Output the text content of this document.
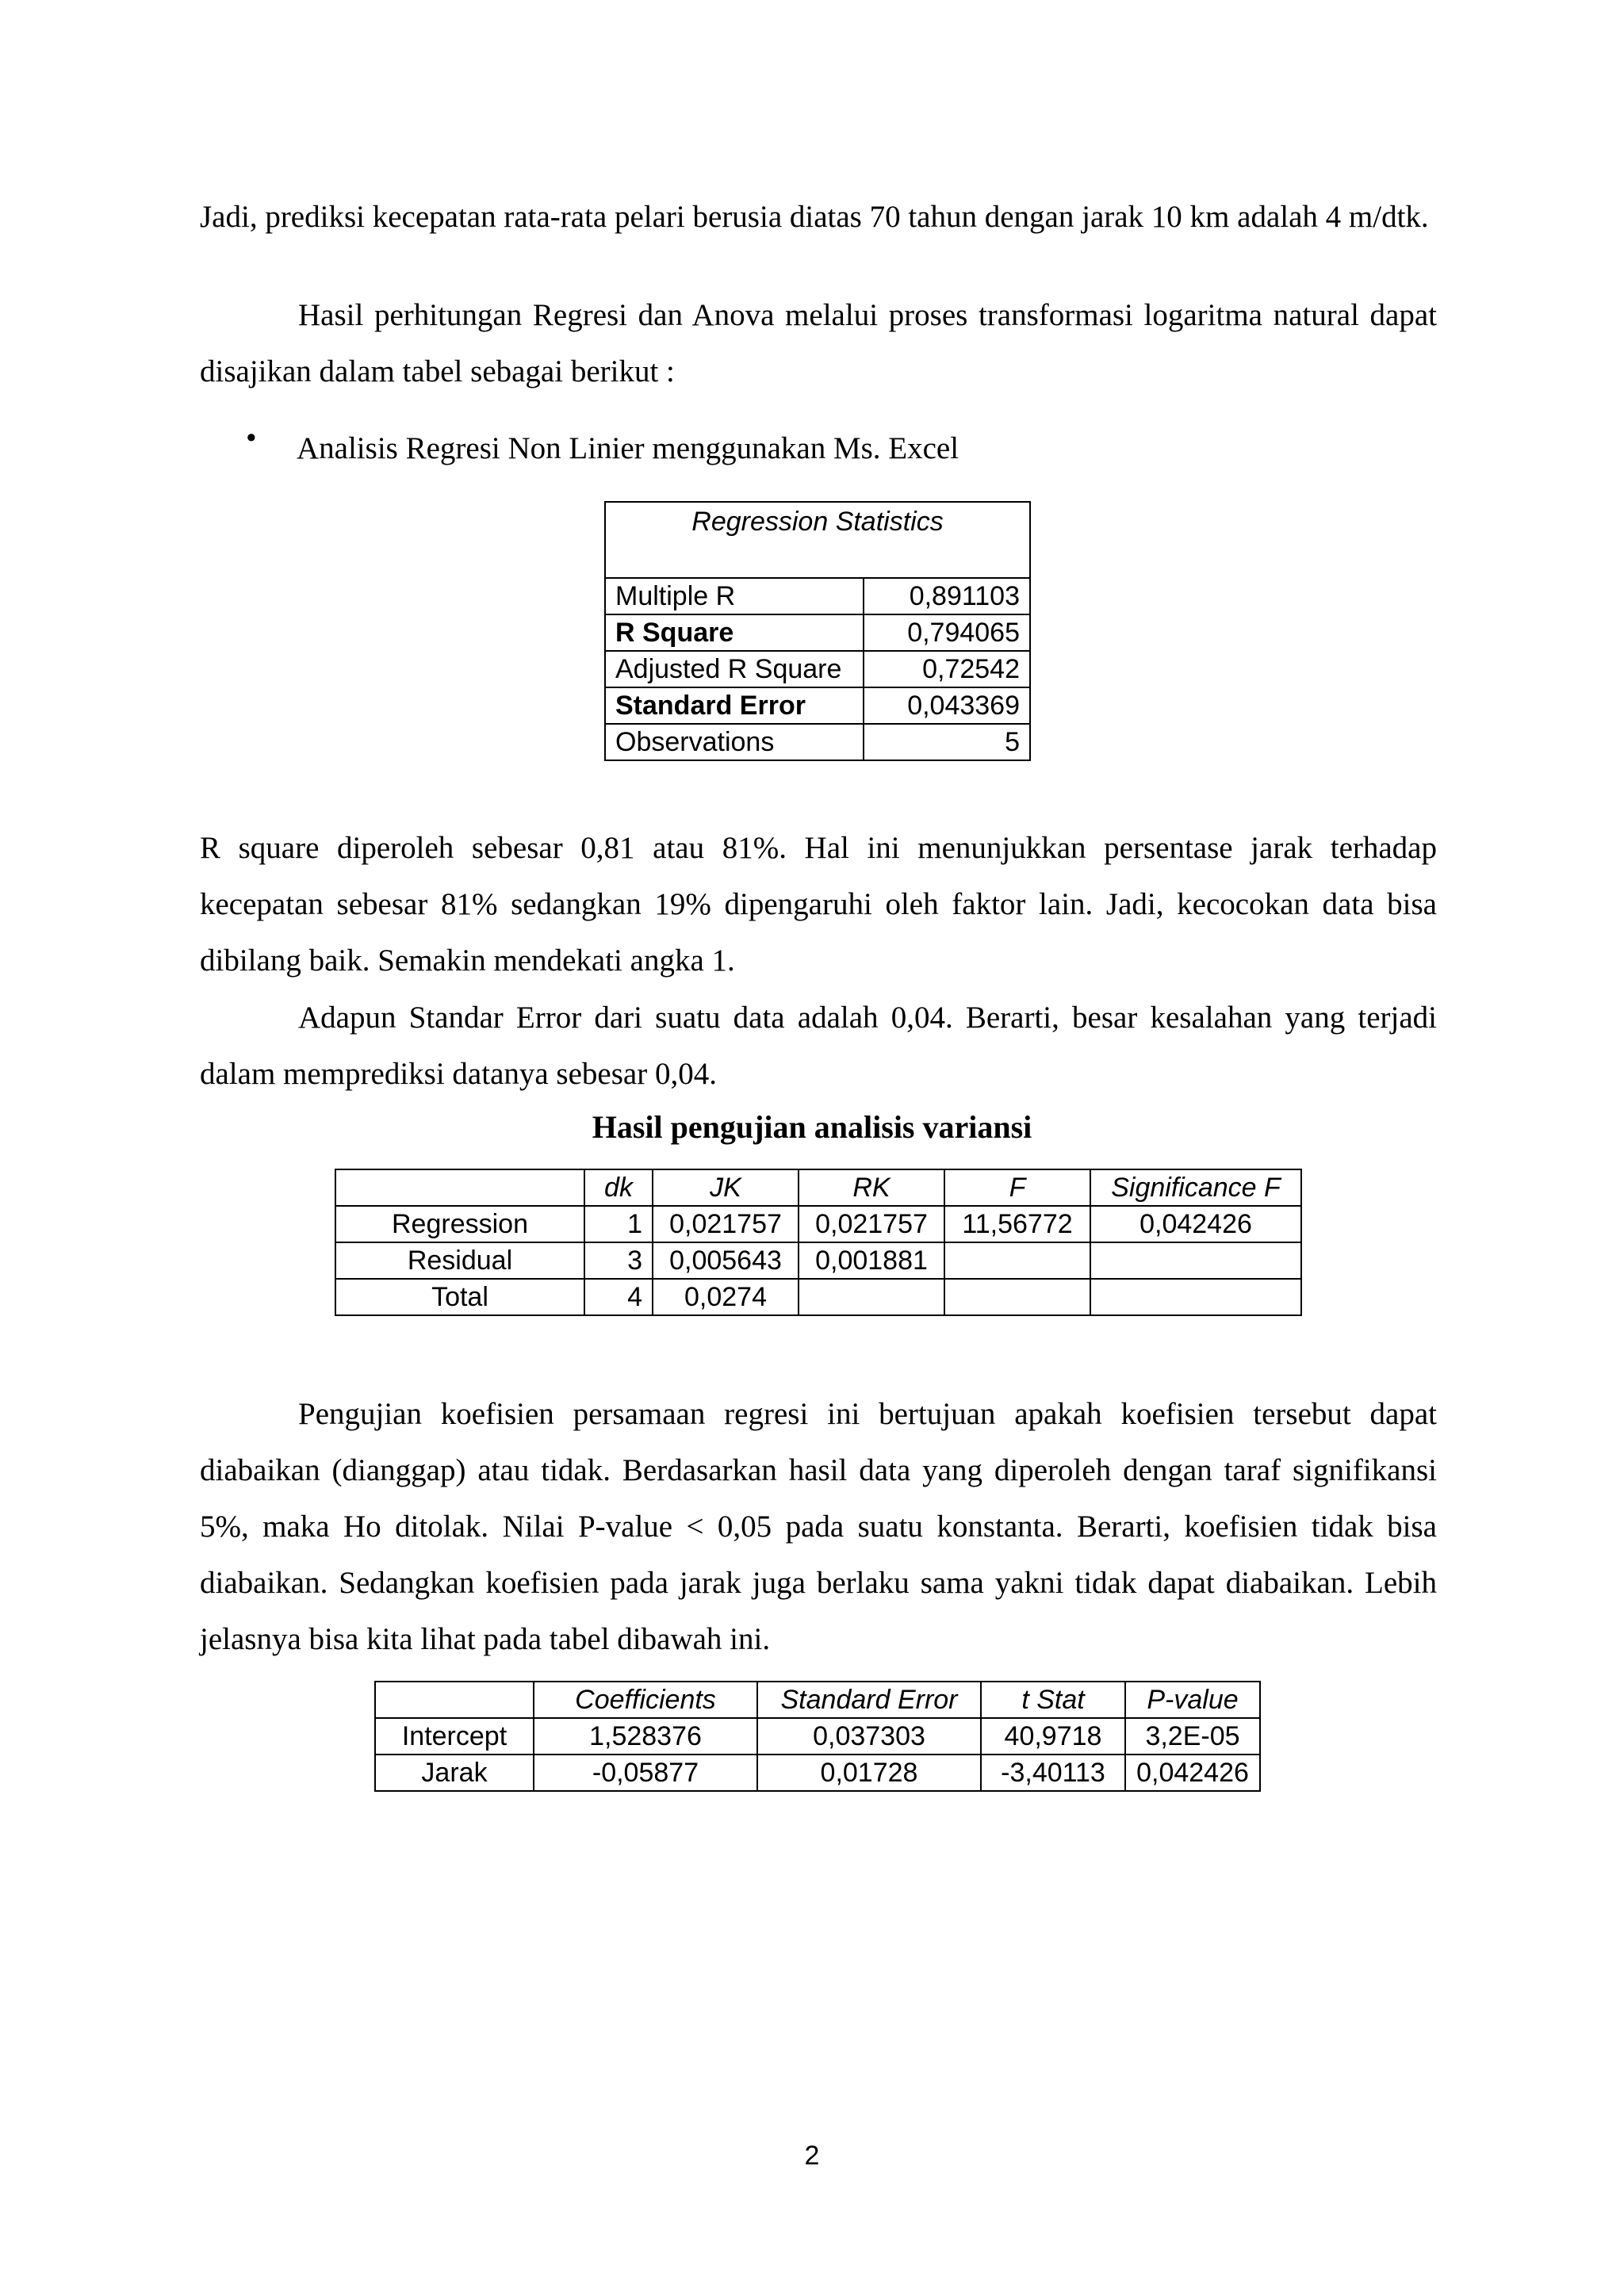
Jadi, prediksi kecepatan rata-rata pelari berusia diatas 70 tahun dengan jarak 10 km adalah 4 m/dtk.

Hasil perhitungan Regresi dan Anova melalui proses transformasi logaritma natural dapat disajikan dalam tabel sebagai berikut :

• Analisis Regresi Non Linier menggunakan Ms. Excel
Regression Statistics	
Multiple R	0,891103
R Square	0,794065
Adjusted R Square	0,72542
Standard Error	0,043369
Observations	5

R square diperoleh sebesar 0,81 atau 81%. Hal ini menunjukkan persentase jarak terhadap kecepatan sebesar 81% sedangkan 19% dipengaruhi oleh faktor lain. Jadi, kecocokan data bisa dibilang baik. Semakin mendekati angka 1.

Adapun Standar Error dari suatu data adalah 0,04. Berarti, besar kesalahan yang terjadi dalam memprediksi datanya sebesar 0,04.

Hasil pengujian analisis variansi
	dk	JK	RK	F	Significance F
Regression	1	0,021757	0,021757	11,56772	0,042426
Residual	3	0,005643	0,001881		
Total	4	0,0274			

Pengujian koefisien persamaan regresi ini bertujuan apakah koefisien tersebut dapat diabaikan (dianggap) atau tidak. Berdasarkan hasil data yang diperoleh dengan taraf signifikansi 5%, maka Ho ditolak. Nilai P-value < 0,05 pada suatu konstanta. Berarti, koefisien tidak bisa diabaikan. Sedangkan koefisien pada jarak juga berlaku sama yakni tidak dapat diabaikan. Lebih jelasnya bisa kita lihat pada tabel dibawah ini.

	Coefficients	Standard Error	t Stat	P-value
Intercept	1,528376	0,037303	40,9718	3,2E-05
Jarak	-0,05877	0,01728	-3,40113	0,042426
2
